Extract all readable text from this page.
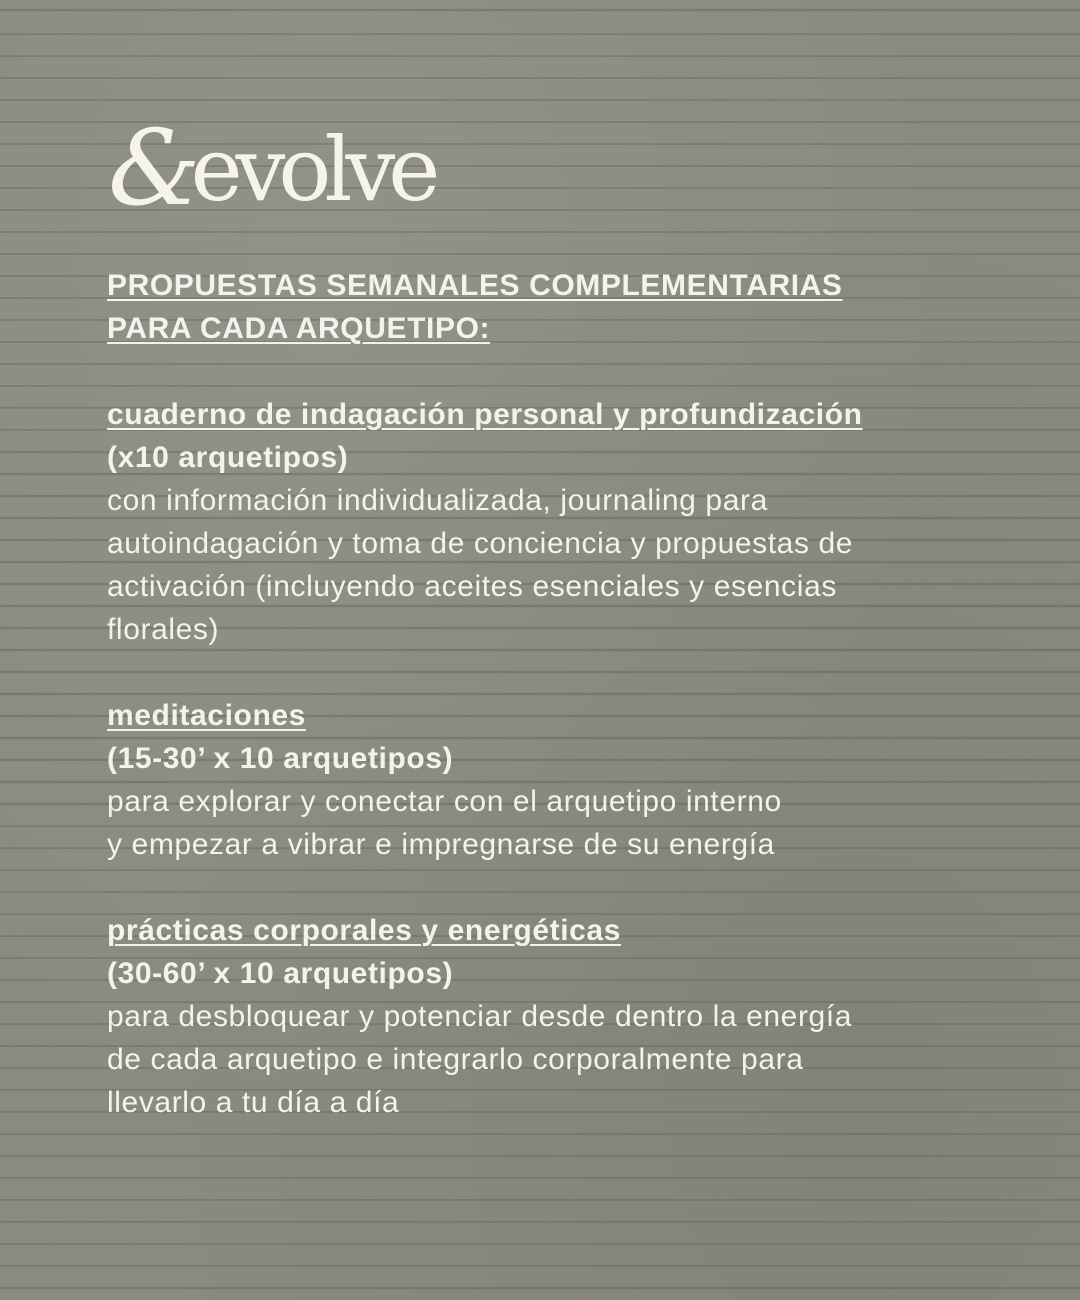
&evolve
PROPUESTAS SEMANALES COMPLEMENTARIAS
PARA CADA ARQUETIPO:
cuaderno de indagación personal y profundización
(x10 arquetipos)
con información individualizada, journaling para
autoindagación y toma de conciencia y propuestas de
activación (incluyendo aceites esenciales y esencias
florales)
meditaciones
(15-30’ x 10 arquetipos)
para explorar y conectar con el arquetipo interno
y empezar a vibrar e impregnarse de su energía
prácticas corporales y energéticas
(30-60’ x 10 arquetipos)
para desbloquear y potenciar desde dentro la energía
de cada arquetipo e integrarlo corporalmente para
llevarlo a tu día a día
